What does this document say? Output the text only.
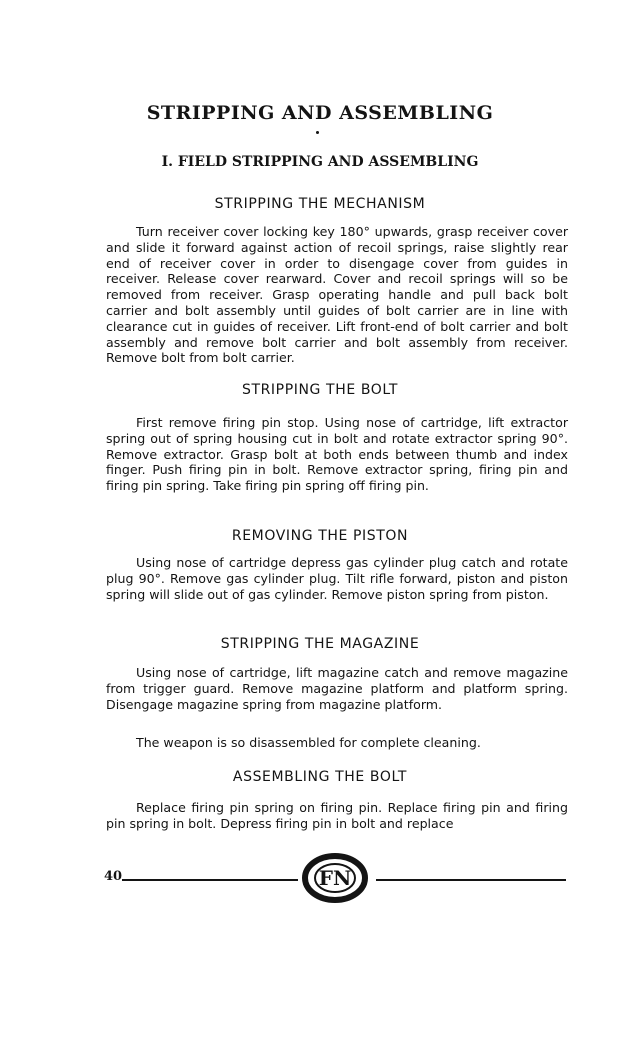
STRIPPING AND ASSEMBLING
I. FIELD STRIPPING AND ASSEMBLING
STRIPPING THE MECHANISM

Turn receiver cover locking key 180° upwards, grasp receiver cover and slide it forward against action of recoil springs, raise slightly rear end of receiver cover in order to disengage cover from guides in receiver. Release cover rearward. Cover and recoil springs will so be removed from receiver. Grasp operating handle and pull back bolt carrier and bolt assembly until guides of bolt carrier are in line with clearance cut in guides of receiver. Lift front-end of bolt carrier and bolt assembly and remove bolt carrier and bolt assembly from receiver. Remove bolt from bolt carrier.

STRIPPING THE BOLT

First remove firing pin stop. Using nose of cartridge, lift extractor spring out of spring housing cut in bolt and rotate extractor spring 90°. Remove extractor. Grasp bolt at both ends between thumb and index finger. Push firing pin in bolt. Remove extractor spring, firing pin and firing pin spring. Take firing pin spring off firing pin.

REMOVING THE PISTON

Using nose of cartridge depress gas cylinder plug catch and rotate plug 90°. Remove gas cylinder plug. Tilt rifle forward, piston and piston spring will slide out of gas cylinder. Remove piston spring from piston.

STRIPPING THE MAGAZINE

Using nose of cartridge, lift magazine catch and remove magazine from trigger guard. Remove magazine platform and platform spring. Disengage magazine spring from magazine platform.

The weapon is so disassembled for complete cleaning.

ASSEMBLING THE BOLT

Replace firing pin spring on firing pin. Replace firing pin and firing pin spring in bolt. Depress firing pin in bolt and replace

40	FN
